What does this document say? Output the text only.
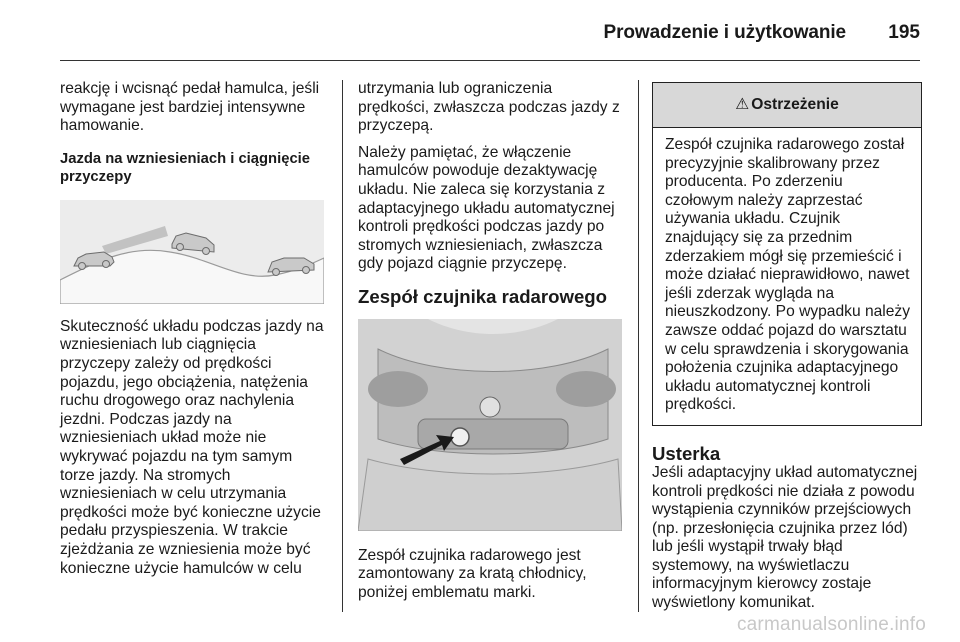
Prowadzenie i użytkowanie 195

reakcję i wcisnąć pedał hamulca, jeśli wymagane jest bardziej intensywne hamowanie.

Jazda na wzniesieniach i ciągnięcie przyczepy

Skuteczność układu podczas jazdy na wzniesieniach lub ciągnięcia przyczepy zależy od prędkości pojazdu, jego obciążenia, natężenia ruchu drogowego oraz nachylenia jezdni. Podczas jazdy na wzniesieniach układ może nie wykrywać pojazdu na tym samym torze jazdy. Na stromych wzniesieniach w celu utrzymania prędkości może być konieczne użycie pedału przyspieszenia. W trakcie zjeżdżania ze wzniesienia może być konieczne użycie hamulców w celu

utrzymania lub ograniczenia prędkości, zwłaszcza podczas jazdy z przyczepą.

Należy pamiętać, że włączenie hamulców powoduje dezaktywację układu. Nie zaleca się korzystania z adaptacyjnego układu automatycznej kontroli prędkości podczas jazdy po stromych wzniesieniach, zwłaszcza gdy pojazd ciągnie przyczepę.

Zespół czujnika radarowego

Zespół czujnika radarowego jest zamontowany za kratą chłodnicy, poniżej emblematu marki.

⚠ Ostrzeżenie

Zespół czujnika radarowego został precyzyjnie skalibrowany przez producenta. Po zderzeniu czołowym należy zaprzestać używania układu. Czujnik znajdujący się za przednim zderzakiem mógł się przemieścić i może działać nieprawidłowo, nawet jeśli zderzak wygląda na nieuszkodzony. Po wypadku należy zawsze oddać pojazd do warsztatu w celu sprawdzenia i skorygowania położenia czujnika adaptacyjnego układu automatycznej kontroli prędkości.

Usterka

Jeśli adaptacyjny układ automatycznej kontroli prędkości nie działa z powodu wystąpienia czynników przejściowych (np. przesłonięcia czujnika przez lód) lub jeśli wystąpił trwały błąd systemowy, na wyświetlaczu informacyjnym kierowcy zostaje wyświetlony komunikat.

carmanualsonline.info
